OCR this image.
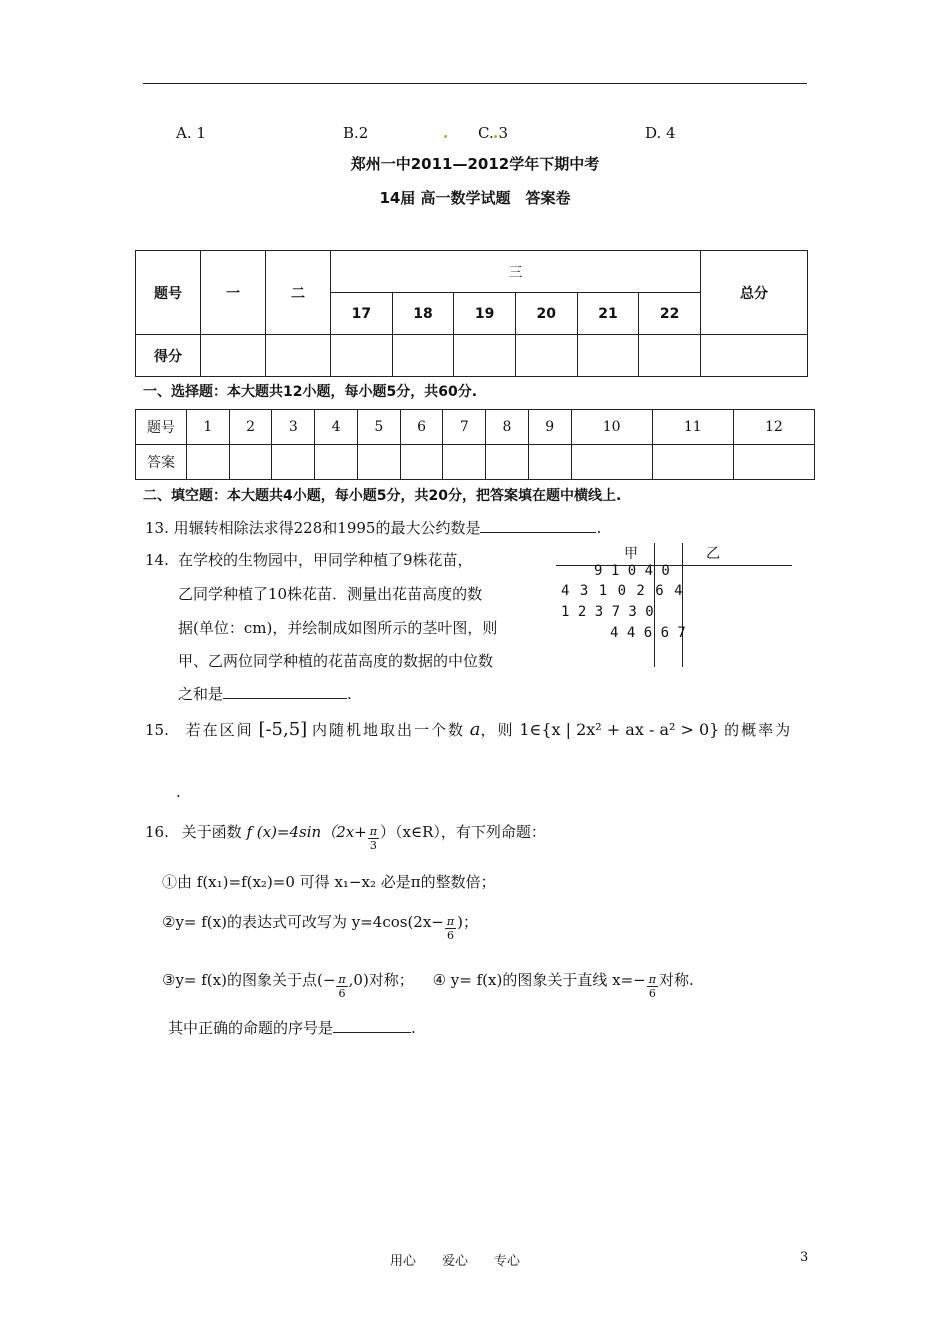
A. 1	B.2	C. 3	D. 4
郑州一中2011—2012学年下期中考
14届 高一数学试题　答案卷
题号	一	二	三						总分
			17	18	19	20	21	22	
得分									
一、选择题：本大题共12小题，每小题5分，共60分.
题号	1	2	3	4	5	6	7	8	9	10	11	12
答案												
二、填空题：本大题共4小题，每小题5分，共20分，把答案填在题中横线上.
13. 用辗转相除法求得228和1995的最大公约数是	.
14. 在学校的生物园中，甲同学种植了9株花苗，
乙同学种植了10株花苗．测量出花苗高度的数
据(单位：cm)，并绘制成如图所示的茎叶图，则
甲、乙两位同学种植的花苗高度的数据的中位数
之和是	.
甲	乙
9 1 0 4 0
4 3 1 0 2 6 4
1 2 3 7 3 0
4 4 6 6 7
15. 若在区间 [-5,5] 内随机地取出一个数 a，则 1∈{x | 2x² + ax - a² > 0} 的概率为
.
16. 关于函数 f $(x)=4\sin(2x+ \frac{\pi}{3}$ ）（x∈R），有下列命题：
①由 f(x₁)=f(x₂)=0 可得 x₁−x₂ 必是π的整数倍；
②y= f(x)的表达式可改写为 $y=4\cos(2x- \frac{\pi}{6}$ )；
③y= f(x)的图象关于点(− $\frac{\pi}{6} ,0$)对称； ④ y= f(x)的图象关于直线 $x=- \frac{\pi}{6}$ 对称.
其中正确的命题的序号是	.
用心　　爱心　　专心	3
